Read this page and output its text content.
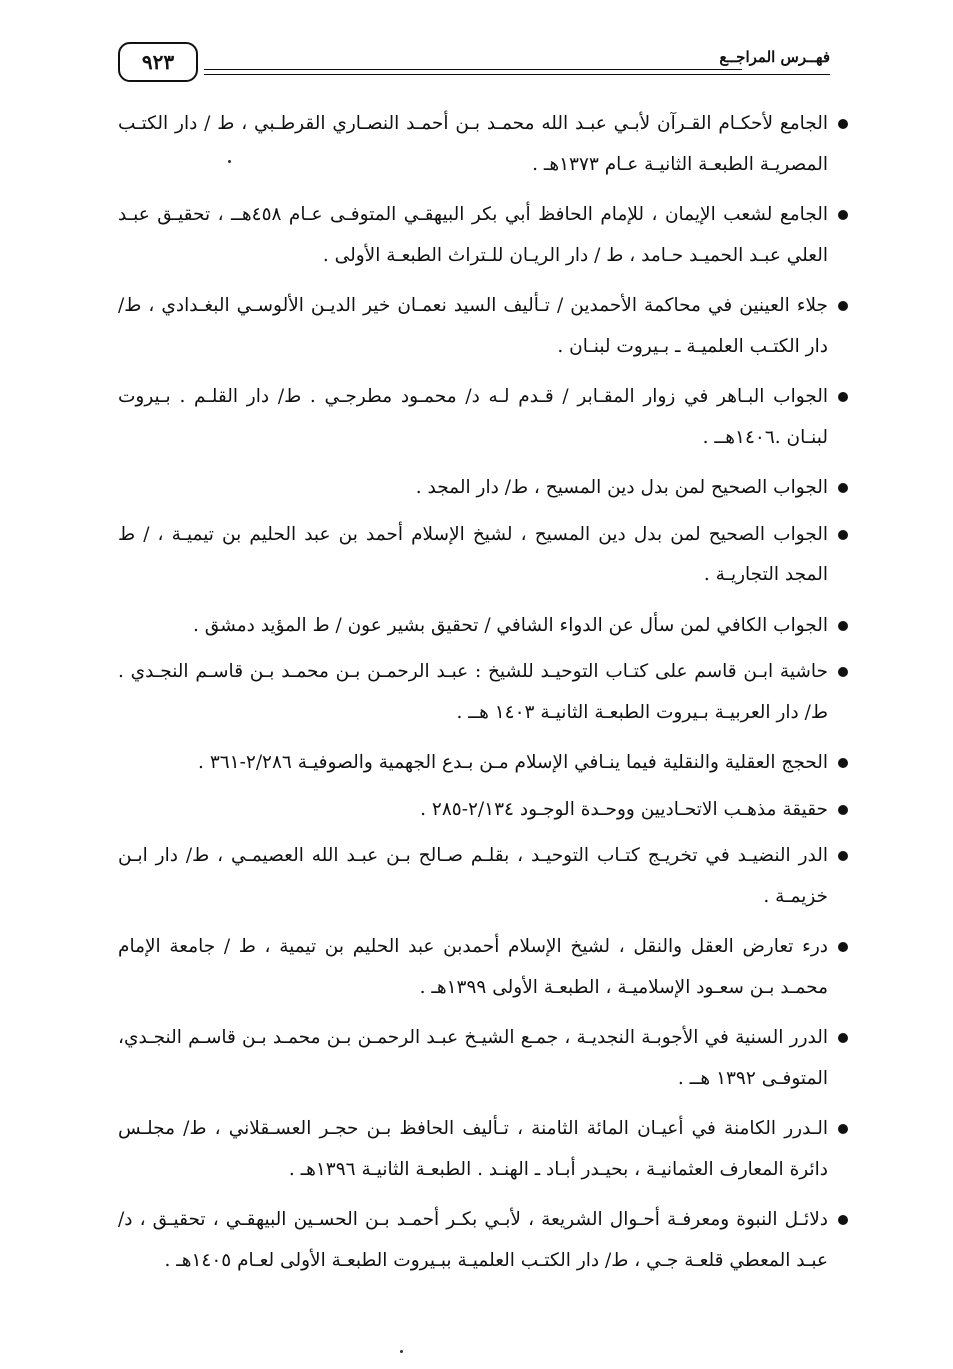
٩٢٣	فهــرس المراجــع
الجامع لأحكـام القـرآن لأبـي عبـد الله محمـد بـن أحمـد النصـاري القرطـبي ، ط / دار الكتـب المصريـة الطبعـة الثانيـة عـام ١٣٧٣هـ .
الجامع لشعب الإيمان ، للإمام الحافظ أبي بكر البيهقـي المتوفـى عـام ٤٥٨هــ ، تحقيـق عبـد العلي عبـد الحميـد حـامد ، ط / دار الريـان للـتراث الطبعـة الأولى .
جلاء العينين في محاكمة الأحمدين / تـأليف السيد نعمـان خير الديـن الألوسـي البغـدادي ، ط/ دار الكتـب العلميـة ـ بـيروت لبنـان .
الجواب البـاهر في زوار المقـابر / قـدم لـه د/ محمـود مطرجـي . ط/ دار القلـم . بـيروت لبنـان .١٤٠٦هــ .
الجواب الصحيح لمن بدل دين المسيح ، ط/ دار المجد .
الجواب الصحيح لمن بدل دين المسيح ، لشيخ الإسلام أحمد بن عبد الحليم بن تيميـة ، / ط المجد التجاريـة .
الجواب الكافي لمن سأل عن الدواء الشافي / تحقيق بشير عون / ط المؤيد دمشق .
حاشية ابـن قاسم على كتـاب التوحيـد للشيخ : عبـد الرحمـن بـن محمـد بـن قاسـم النجـدي . ط/ دار العربيـة بـيروت الطبعـة الثانيـة ١٤٠٣ هــ .
الحجج العقلية والنقلية فيما ينـافي الإسلام مـن بـدع الجهمية والصوفيـة ٢/٢٨٦-٣٦١ .
حقيقة مذهـب الاتحـاديين ووحـدة الوجـود ٢/١٣٤-٢٨٥ .
الدر النضيـد في تخريـج كتـاب التوحيـد ، بقلـم صـالح بـن عبـد الله العصيمـي ، ط/ دار ابـن خزيمـة .
درء تعارض العقل والنقل ، لشيخ الإسلام أحمدبن عبد الحليم بن تيمية ، ط / جامعة الإمام محمـد بـن سعـود الإسلاميـة ، الطبعـة الأولى ١٣٩٩هـ .
الدرر السنية في الأجوبـة النجديـة ، جمـع الشيـخ عبـد الرحمـن بـن محمـد بـن قاسـم النجـدي، المتوفـى ١٣٩٢ هــ .
الـدرر الكامنة في أعيـان المائة الثامنة ، تـأليف الحافظ بـن حجـر العسـقلاني ، ط/ مجلـس دائرة المعارف العثمانيـة ، بحيـدر أبـاد ـ الهنـد . الطبعـة الثانيـة ١٣٩٦هـ .
دلائـل النبوة ومعرفـة أحـوال الشريعة ، لأبـي بكـر أحمـد بـن الحسـين البيهقـي ، تحقيـق ، د/ عبـد المعطي قلعـة جـي ، ط/ دار الكتـب العلميـة ببـيروت الطبعـة الأولى لعـام ١٤٠٥هـ .
